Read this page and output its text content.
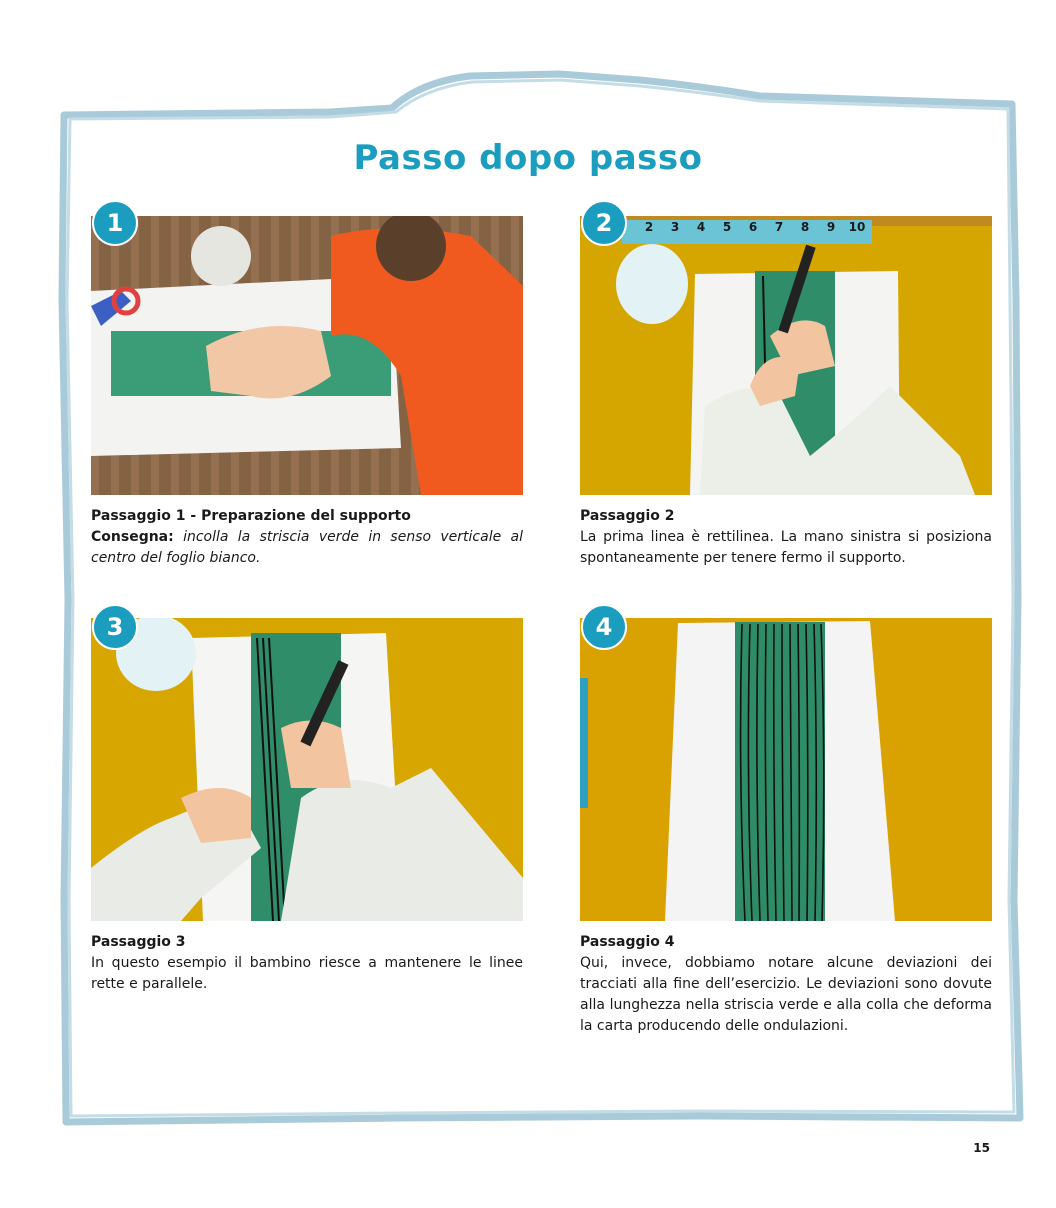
Passo dopo passo
1	2	3	4	5	6	7	8	9	10
2
3	4
Passaggio 1 - Preparazione del supporto
Consegna: incolla la striscia verde in senso verticale al centro del foglio bianco.
Passaggio 2
La prima linea è rettilinea. La mano sinistra si posiziona spontaneamente per tenere fermo il supporto.
Passaggio 3
In questo esempio il bambino riesce a mantenere le linee rette e parallele.
Passaggio 4
Qui, invece, dobbiamo notare alcune deviazioni dei tracciati alla fine dell’esercizio. Le deviazioni sono dovute alla lunghezza nella striscia verde e alla colla che deforma la carta producendo delle ondulazioni.
15
